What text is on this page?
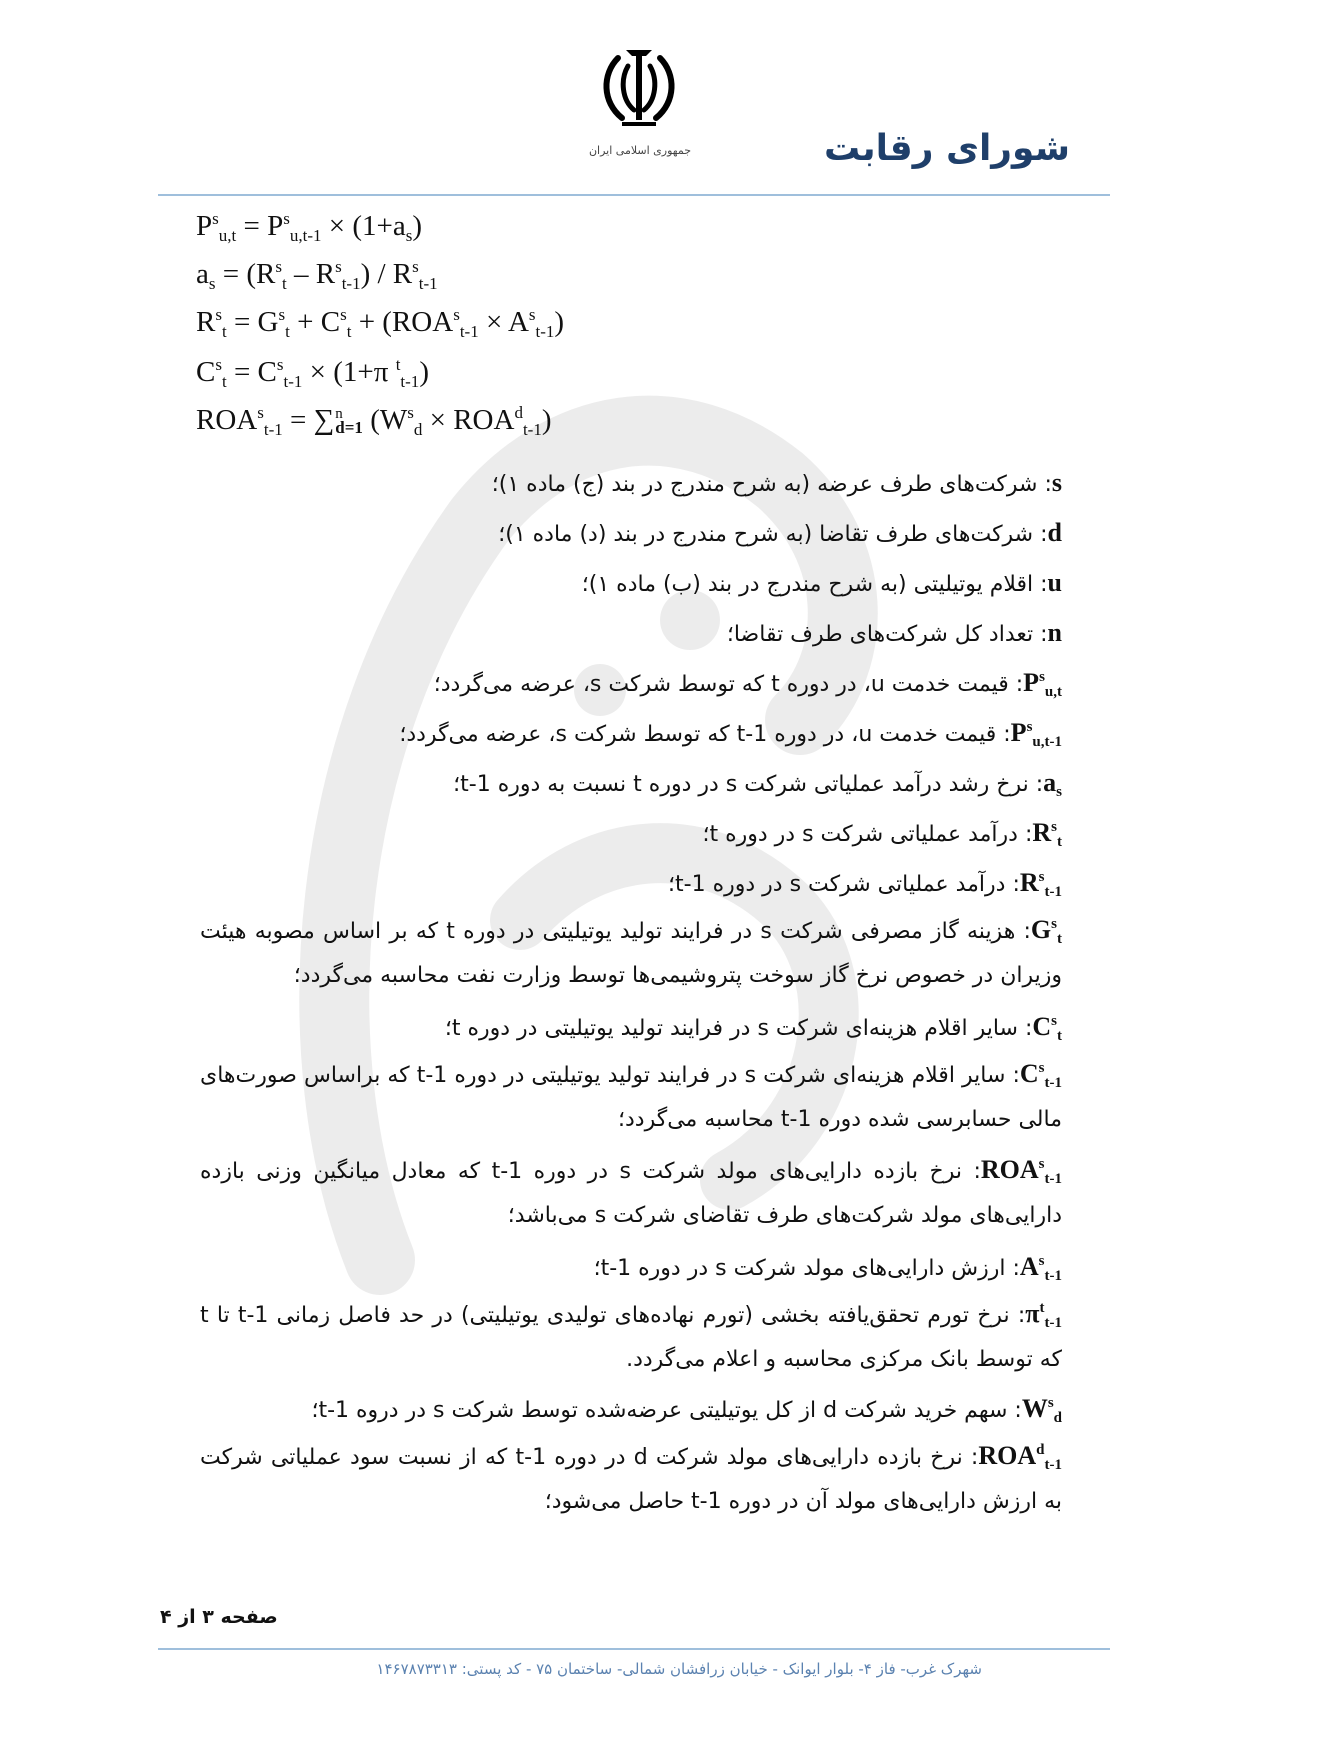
جمهوری اسلامی ایران	شورای رقابت
$P^s_{u,t} = P^s_{u,t-1} \times (1+a_s)$
$a_s = (R^s_t - R^s_{t-1}) / R^s_{t-1}$
$R^s_t = G^s_t + C^s_t + (ROA^s_{t-1} \times A^s_{t-1})$
$C^s_t = C^s_{t-1} \times (1+\pi$ $^t_{t-1}$)
$ROA^s_{t-1} = \sum n$
d=1 $(W^s_d \times ROA^d_{t-1})$
s: شرکت‌های طرف عرضه (به شرح مندرج در بند (ج) ماده ۱)؛
d: شرکت‌های طرف تقاضا (به شرح مندرج در بند (د) ماده ۱)؛
u: اقلام یوتیلیتی (به شرح مندرج در بند (ب) ماده ۱)؛
n: تعداد کل شرکت‌های طرف تقاضا؛
$P^s_{u,t}$: قیمت خدمت u، در دوره t که توسط شرکت s، عرضه می‌گردد؛
$P^s_{u,t-1}$: قیمت خدمت u، در دوره t-1 که توسط شرکت s، عرضه می‌گردد؛
$a_s$: نرخ رشد درآمد عملیاتی شرکت s در دوره t نسبت به دوره t-1؛
$R^s_t$: درآمد عملیاتی شرکت s در دوره t؛
$R^s_{t-1}$: درآمد عملیاتی شرکت s در دوره t-1؛
$G^s_t$: هزینه گاز مصرفی شرکت s در فرایند تولید یوتیلیتی در دوره t که بر اساس مصوبه هیئت وزیران در خصوص نرخ گاز سوخت پتروشیمی‌ها توسط وزارت نفت محاسبه می‌گردد؛
$C^s_t$: سایر اقلام هزینه‌ای شرکت s در فرایند تولید یوتیلیتی در دوره t؛
$C^s_{t-1}$: سایر اقلام هزینه‌ای شرکت s در فرایند تولید یوتیلیتی در دوره t-1 که براساس صورت‌های مالی حسابرسی شده دوره t-1 محاسبه می‌گردد؛
$ROA^s_{t-1}$: نرخ بازده دارایی‌های مولد شرکت s در دوره t-1 که معادل میانگین وزنی بازده دارایی‌های مولد شرکت‌های طرف تقاضای شرکت s می‌باشد؛
$A^s_{t-1}$: ارزش دارایی‌های مولد شرکت s در دوره t-1؛
$\pi^t_{t-1}$: نرخ تورم تحقق‌یافته بخشی (تورم نهاده‌های تولیدی یوتیلیتی) در حد فاصل زمانی t-1 تا t که توسط بانک مرکزی محاسبه و اعلام می‌گردد.
$W^s_d$: سهم خرید شرکت d از کل یوتیلیتی عرضه‌شده توسط شرکت s در دروه t-1؛
$ROA^d_{t-1}$: نرخ بازده دارایی‌های مولد شرکت d در دوره t-1 که از نسبت سود عملیاتی شرکت به ارزش دارایی‌های مولد آن در دوره t-1 حاصل می‌شود؛
صفحه ۳ از ۴
شهرک غرب- فاز ۴- بلوار ایوانک - خیابان زرافشان شمالی- ساختمان ۷۵ - کد پستی: ۱۴۶۷۸۷۳۳۱۳
